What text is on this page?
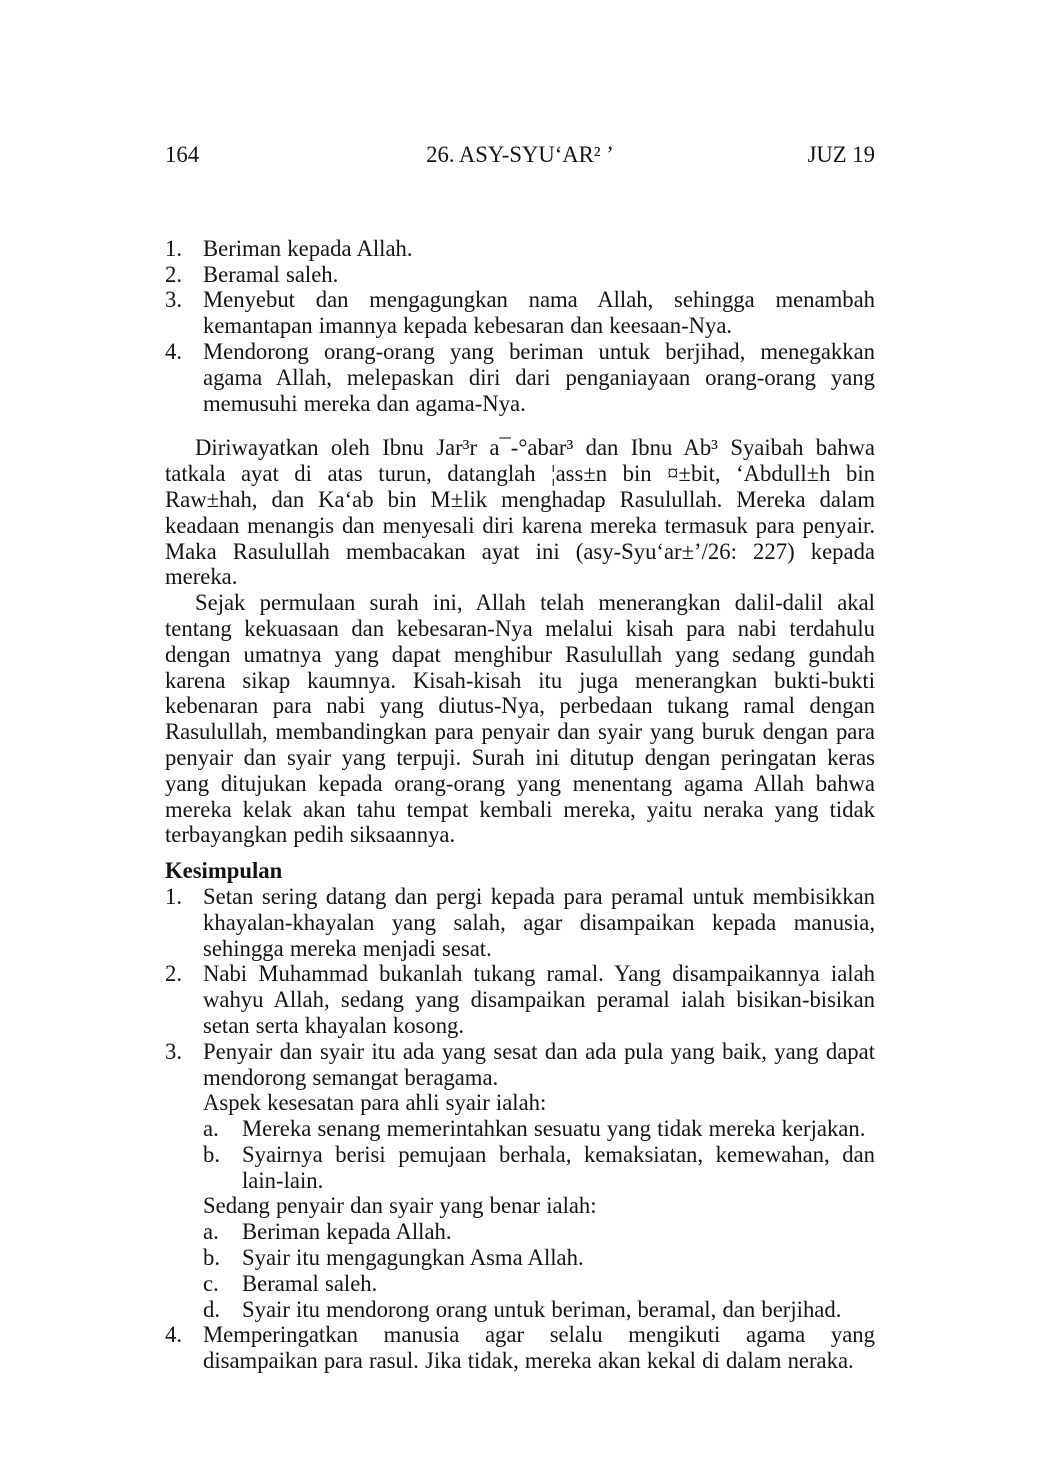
164	26. ASY-SYU‘AR² ’	JUZ 19
1. Beriman kepada Allah.
2. Beramal saleh.
3. Menyebut dan mengagungkan nama Allah, sehingga menambah kemantapan imannya kepada kebesaran dan keesaan-Nya.
4. Mendorong orang-orang yang beriman untuk berjihad, menegakkan agama Allah, melepaskan diri dari penganiayaan orang-orang yang memusuhi mereka dan agama-Nya.

Diriwayatkan oleh Ibnu Jar³r a¯-°abar³ dan Ibnu Ab³ Syaibah bahwa tatkala ayat di atas turun, datanglah ¦ass±n bin ¤±bit, ‘Abdull±h bin Raw±hah, dan Ka‘ab bin M±lik menghadap Rasulullah. Mereka dalam keadaan menangis dan menyesali diri karena mereka termasuk para penyair. Maka Rasulullah membacakan ayat ini (asy-Syu‘ar±’/26: 227) kepada mereka.

Sejak permulaan surah ini, Allah telah menerangkan dalil-dalil akal tentang kekuasaan dan kebesaran-Nya melalui kisah para nabi terdahulu dengan umatnya yang dapat menghibur Rasulullah yang sedang gundah karena sikap kaumnya. Kisah-kisah itu juga menerangkan bukti-bukti kebenaran para nabi yang diutus-Nya, perbedaan tukang ramal dengan Rasulullah, membandingkan para penyair dan syair yang buruk dengan para penyair dan syair yang terpuji. Surah ini ditutup dengan peringatan keras yang ditujukan kepada orang-orang yang menentang agama Allah bahwa mereka kelak akan tahu tempat kembali mereka, yaitu neraka yang tidak terbayangkan pedih siksaannya.

Kesimpulan
1. Setan sering datang dan pergi kepada para peramal untuk membisikkan khayalan-khayalan yang salah, agar disampaikan kepada manusia, sehingga mereka menjadi sesat.
2. Nabi Muhammad bukanlah tukang ramal. Yang disampaikannya ialah wahyu Allah, sedang yang disampaikan peramal ialah bisikan-bisikan setan serta khayalan kosong.
3. Penyair dan syair itu ada yang sesat dan ada pula yang baik, yang dapat mendorong semangat beragama.
Aspek kesesatan para ahli syair ialah:
a.	Mereka senang memerintahkan sesuatu yang tidak mereka kerjakan.
b. Syairnya berisi pemujaan berhala, kemaksiatan, kemewahan, dan lain-lain.
Sedang penyair dan syair yang benar ialah:
a.	Beriman kepada Allah.
b. Syair itu mengagungkan Asma Allah.
c.	Beramal saleh.
d. Syair itu mendorong orang untuk beriman, beramal, dan berjihad.
4. Memperingatkan manusia agar selalu mengikuti agama yang disampaikan para rasul. Jika tidak, mereka akan kekal di dalam neraka.
